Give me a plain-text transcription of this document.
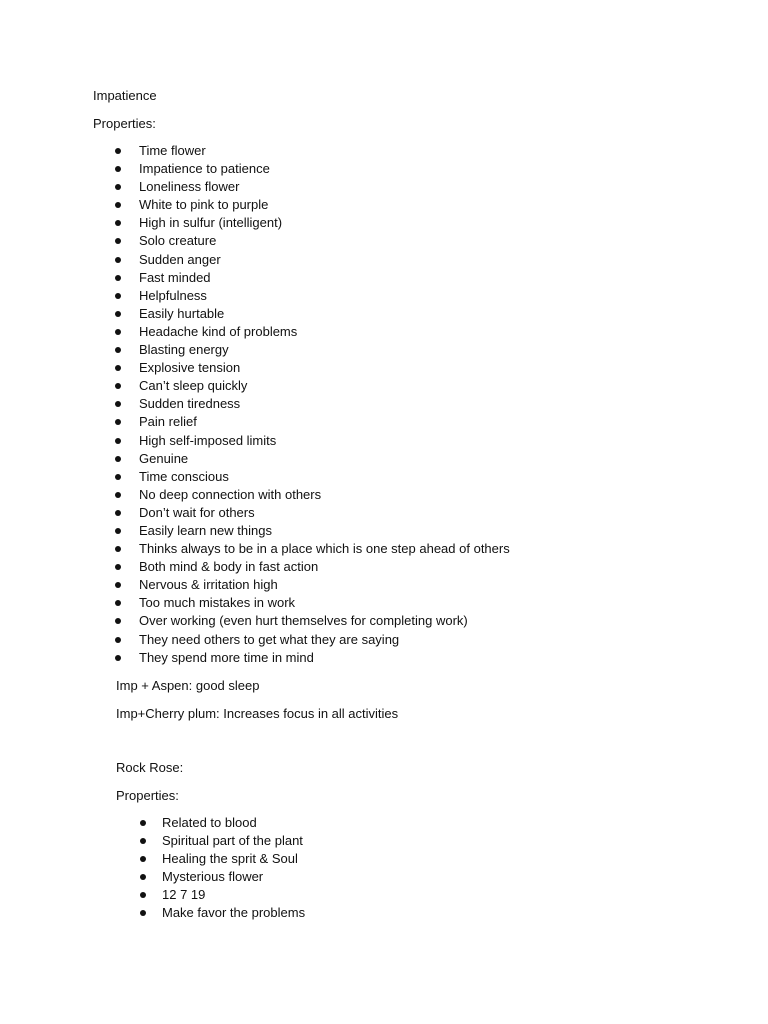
Impatience
Properties:
Time flower
Impatience to patience
Loneliness flower
White to pink to purple
High in sulfur (intelligent)
Solo creature
Sudden anger
Fast minded
Helpfulness
Easily hurtable
Headache kind of problems
Blasting energy
Explosive tension
Can’t sleep quickly
Sudden tiredness
Pain relief
High self-imposed limits
Genuine
Time conscious
No deep connection with others
Don’t wait for others
Easily learn new things
Thinks always to be in a place which is one step ahead of others
Both mind & body in fast action
Nervous & irritation high
Too much mistakes in work
Over working (even hurt themselves for completing work)
They need others to get what they are saying
They spend more time in mind
Imp + Aspen: good sleep
Imp+Cherry plum: Increases focus in all activities
Rock Rose:
Properties:
Related to blood
Spiritual part of the plant
Healing the sprit & Soul
Mysterious flower
12 7 19
Make favor the problems
